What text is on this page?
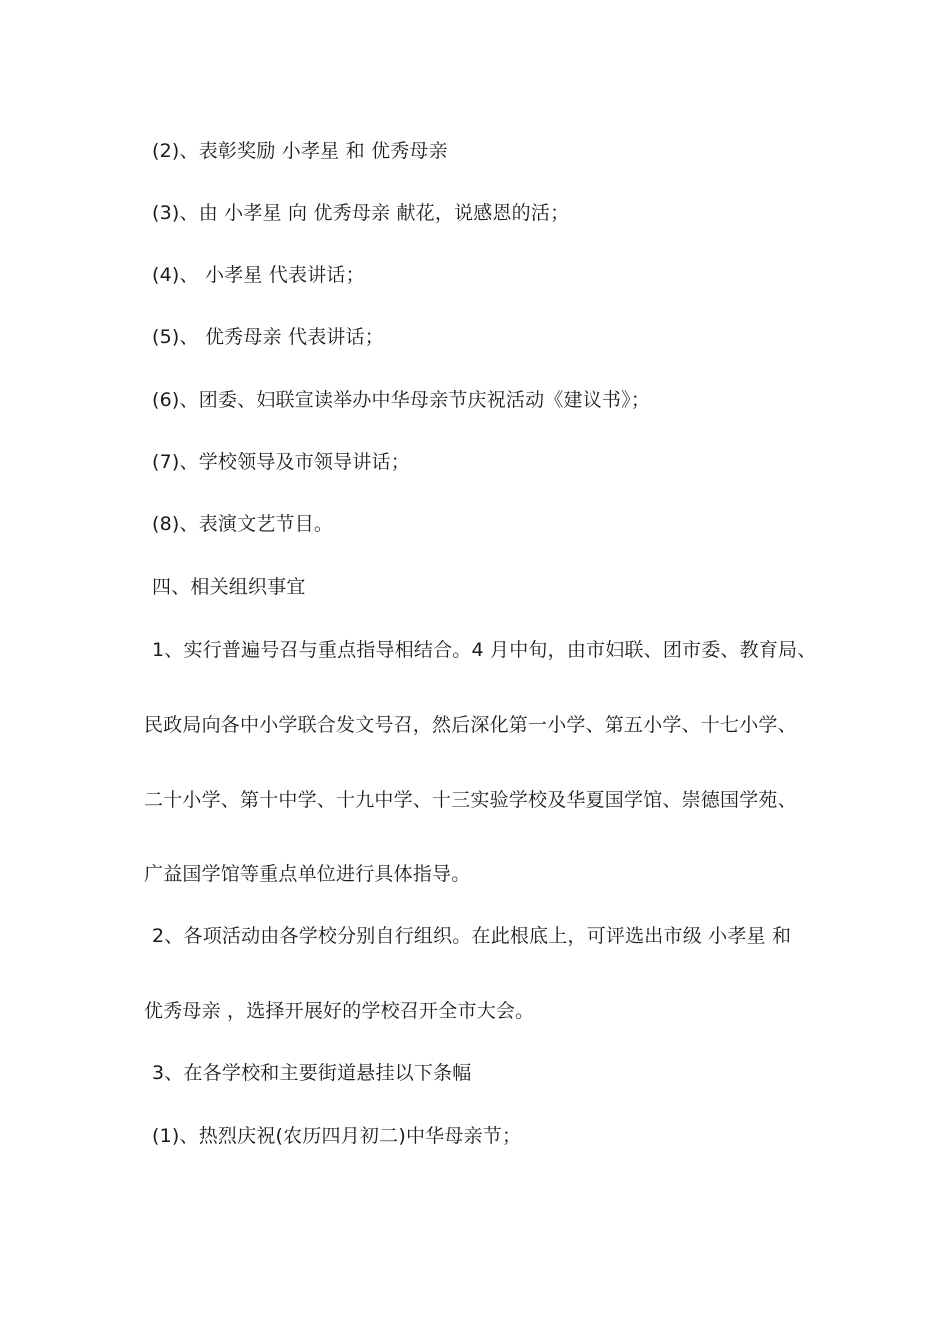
(2)、表彰奖励 小孝星 和 优秀母亲
(3)、由 小孝星 向 优秀母亲 献花，说感恩的活；
(4)、 小孝星 代表讲话；
(5)、 优秀母亲 代表讲话；
(6)、团委、妇联宣读举办中华母亲节庆祝活动《建议书》；
(7)、学校领导及市领导讲话；
(8)、表演文艺节目。
四、相关组织事宜
1、实行普遍号召与重点指导相结合。4 月中旬，由市妇联、团市委、教育局、
民政局向各中小学联合发文号召，然后深化第一小学、第五小学、十七小学、
二十小学、第十中学、十九中学、十三实验学校及华夏国学馆、崇德国学苑、
广益国学馆等重点单位进行具体指导。
2、各项活动由各学校分别自行组织。在此根底上，可评选出市级 小孝星 和
优秀母亲 ，选择开展好的学校召开全市大会。
3、在各学校和主要街道悬挂以下条幅
(1)、热烈庆祝(农历四月初二)中华母亲节；
